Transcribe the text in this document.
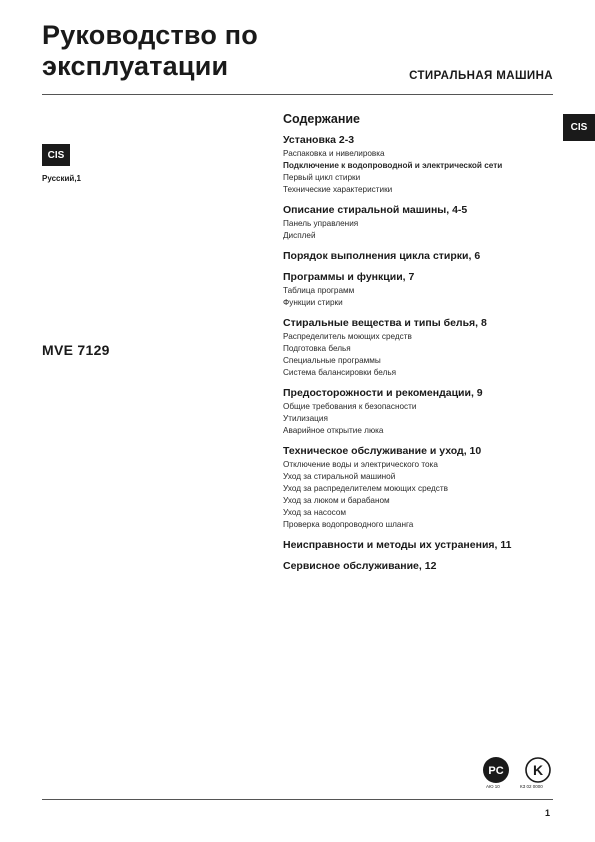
Руководство по
эксплуатации	СТИРАЛЬНАЯ МАШИНА
CIS
CIS
Русский,1
MVE 7129
Содержание
Установка 2-3
Распаковка и нивелировка
Подключение к водопроводной и электрической сети
Первый цикл стирки
Технические характеристики
Описание стиральной машины, 4-5
Панель управления
Дисплей
Порядок выполнения цикла стирки, 6
Программы и функции, 7
Таблица программ
Функции стирки
Стиральные вещества и типы белья, 8
Распределитель моющих средств
Подготовка белья
Специальные программы
Система балансировки белья
Предосторожности и рекомендации, 9
Общие требования к безопасности
Утилизация
Аварийное открытие люка
Техническое обслуживание и уход, 10
Отключение воды и электрического тока
Уход за стиральной машиной
Уход за распределителем моющих средств
Уход за люком и барабаном
Уход за насосом
Проверка водопроводного шланга
Неисправности и методы их устранения, 11
Сервисное обслуживание, 12
PC
АЮ 10
K
КЗ 02 0000
1
